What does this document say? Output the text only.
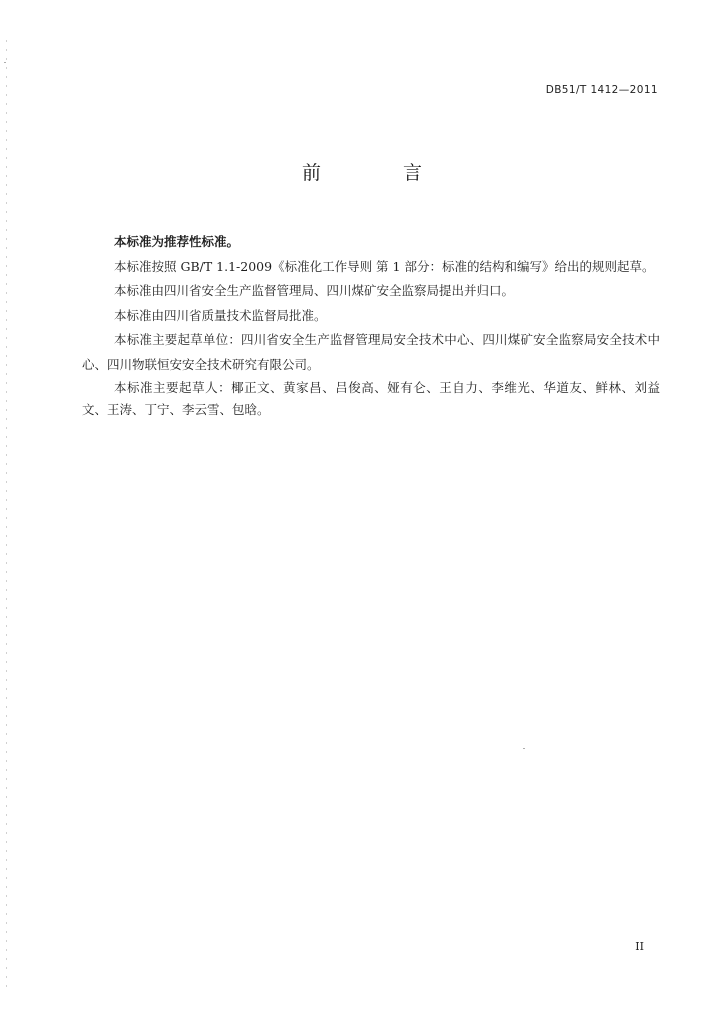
DB51/T 1412—2011
前 言

本标准为推荐性标准。

本标准按照 GB/T 1.1-2009《标准化工作导则 第 1 部分：标准的结构和编写》给出的规则起草。

本标准由四川省安全生产监督管理局、四川煤矿安全监察局提出并归口。

本标准由四川省质量技术监督局批准。

本标准主要起草单位：四川省安全生产监督管理局安全技术中心、四川煤矿安全监察局安全技术中心、四川物联恒安安全技术研究有限公司。

本标准主要起草人：椰正文、黄家昌、吕俊高、娅有仑、王自力、李维光、华道友、鲜林、刘益文、王涛、丁宁、李云雪、包晗。

II
